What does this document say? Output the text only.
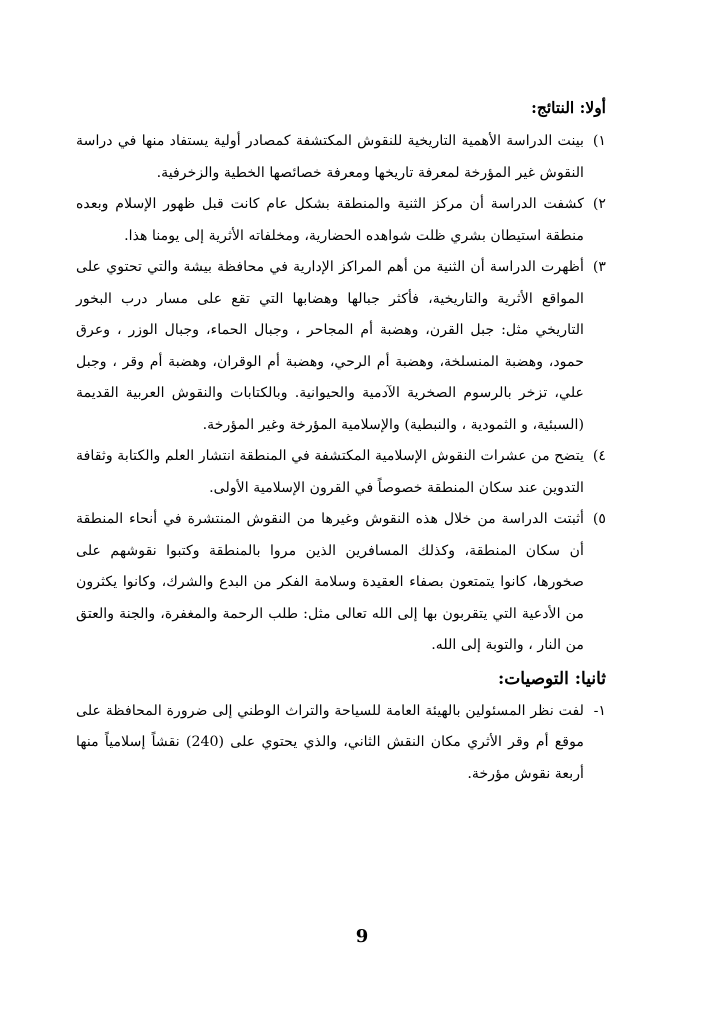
أولا: النتائج:

١)
بينت الدراسة الأهمية التاريخية للنقوش المكتشفة كمصادر أولية يستفاد منها في دراسة النقوش غير المؤرخة لمعرفة تاريخها ومعرفة خصائصها الخطية والزخرفية.
٢)
كشفت الدراسة أن مركز الثنية والمنطقة بشكل عام كانت قبل ظهور الإسلام وبعده منطقة استيطان بشري ظلت شواهده الحضارية، ومخلفاته الأثرية إلى يومنا هذا.
٣)
أظهرت الدراسة أن الثنية من أهم المراكز الإدارية في محافظة بيشة والتي تحتوي على المواقع الأثرية والتاريخية، فأكثر جبالها وهضابها التي تقع على مسار درب البخور التاريخي مثل: جبل القرن، وهضبة أم المجاحر ، وجبال الحماء، وجبال الوزر ، وعرق حمود، وهضبة المنسلخة، وهضبة أم الرحي، وهضبة أم الوقران، وهضبة أم وقر ، وجبل علي، تزخر بالرسوم الصخرية الآدمية والحيوانية. وبالكتابات والنقوش العربية القديمة (السبئية، و الثمودية ، والنبطية) والإسلامية المؤرخة وغير المؤرخة.
٤)
يتضح من عشرات النقوش الإسلامية المكتشفة في المنطقة انتشار العلم والكتابة وثقافة التدوين عند سكان المنطقة خصوصاً في القرون الإسلامية الأولى.
٥)
أثبتت الدراسة من خلال هذه النقوش وغيرها من النقوش المنتشرة في أنحاء المنطقة أن سكان المنطقة، وكذلك المسافرين الذين مروا بالمنطقة وكتبوا نقوشهم على صخورها، كانوا يتمتعون بصفاء العقيدة وسلامة الفكر من البدع والشرك، وكانوا يكثرون من الأدعية التي يتقربون بها إلى الله تعالى مثل: طلب الرحمة والمغفرة، والجنة والعتق من النار ، والتوبة إلى الله.

ثانيا: التوصيات:

١-
لفت نظر المسئولين بالهيئة العامة للسياحة والتراث الوطني إلى ضرورة المحافظة على موقع أم وقر الأثري مكان النقش الثاني، والذي يحتوي على (240) نقشاً إسلامياً منها أربعة نقوش مؤرخة.
9
